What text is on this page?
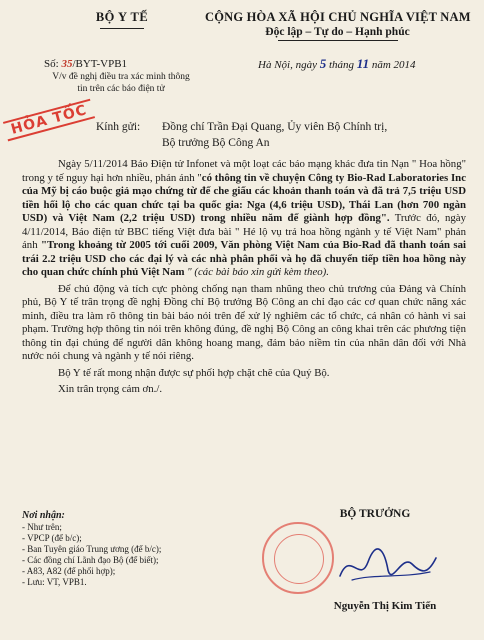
BỘ Y TẾ
Số: 35/BYT-VPB1
V/v đề nghị điều tra xác minh thông
tin trên các báo điện tử
CỘNG HÒA XÃ HỘI CHỦ NGHĨA VIỆT NAM
Độc lập – Tự do – Hạnh phúc
Hà Nội, ngày 5 tháng 11 năm 2014
HỎA TỐC Kính gửi: Đồng chí Trần Đại Quang, Ủy viên Bộ Chính trị,
Bộ trưởng Bộ Công An

Ngày 5/11/2014 Báo Điện tử Infonet và một loạt các báo mạng khác đưa tin Nạn " Hoa hồng" trong y tế nguy hại hơn nhiều, phản ánh "có thông tin về chuyện Công ty Bio-Rad Laboratories Inc của Mỹ bị cáo buộc giả mạo chứng từ để che giấu các khoản thanh toán và đã trả 7,5 triệu USD tiền hối lộ cho các quan chức tại ba quốc gia: Nga (4,6 triệu USD), Thái Lan (hơn 700 ngàn USD) và Việt Nam (2,2 triệu USD) trong nhiều năm để giành hợp đồng". Trước đó, ngày 4/11/2014, Báo điện tử BBC tiếng Việt đưa bài " Hé lộ vụ trả hoa hồng ngành y tế Việt Nam" phản ánh "Trong khoảng từ 2005 tới cuối 2009, Văn phòng Việt Nam của Bio-Rad đã thanh toán sai trái 2.2 triệu USD cho các đại lý và các nhà phân phối và họ đã chuyển tiếp tiền hoa hồng này cho quan chức chính phủ Việt Nam " (các bài báo xin gửi kèm theo).

Để chủ động và tích cực phòng chống nạn tham nhũng theo chủ trương của Đảng và Chính phủ, Bộ Y tế trân trọng đề nghị Đồng chí Bộ trưởng Bộ Công an chỉ đạo các cơ quan chức năng xác minh, điều tra làm rõ thông tin bài báo nói trên để xử lý nghiêm các tổ chức, cá nhân có hành vi sai phạm. Trường hợp thông tin nói trên không đúng, đề nghị Bộ Công an công khai trên các phương tiện thông tin đại chúng để người dân không hoang mang, đảm bảo niềm tin của nhân dân đối với Nhà nước nói chung và ngành y tế nói riêng.

Bộ Y tế rất mong nhận được sự phối hợp chặt chẽ của Quý Bộ.

Xin trân trọng cảm ơn./.

Nơi nhận:
- Như trên;
- VPCP (để b/c);
- Ban Tuyên giáo Trung ương (để b/c);
- Các đồng chí Lãnh đạo Bộ (để biết);
- A83, A82 (để phối hợp);
- Lưu: VT, VPB1.
BỘ TRƯỞNG
Nguyễn Thị Kim Tiến
